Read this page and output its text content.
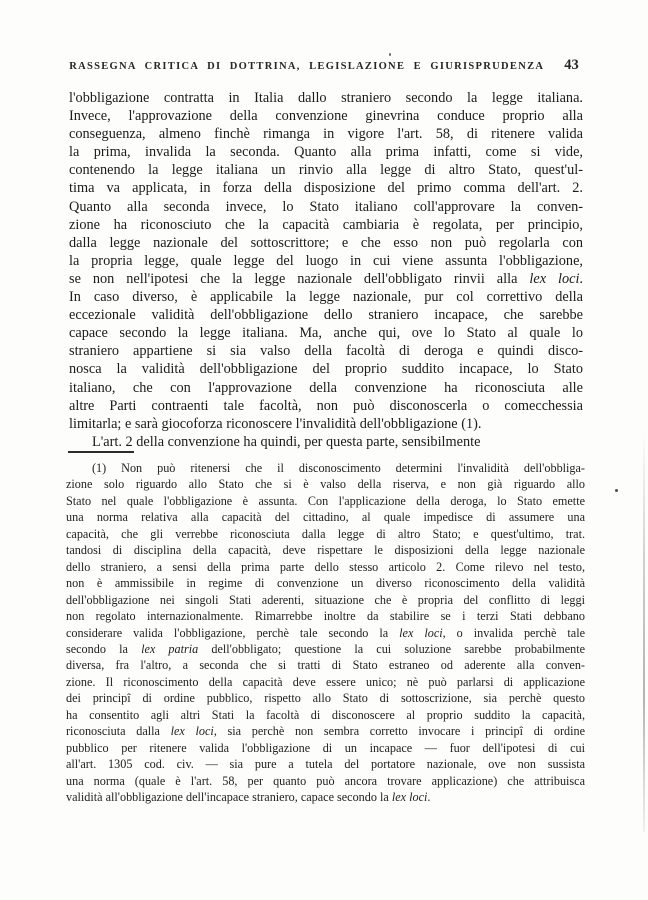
RASSEGNA CRITICA DI DOTTRINA, LEGISLAZIONE E GIURISPRUDENZA 43
l'obbligazione contratta in Italia dallo straniero secondo la legge italiana.
Invece, l'approvazione della convenzione ginevrina conduce proprio alla
conseguenza, almeno finchè rimanga in vigore l'art. 58, di ritenere valida
la prima, invalida la seconda. Quanto alla prima infatti, come si vide,
contenendo la legge italiana un rinvio alla legge di altro Stato, quest'ul-
tima va applicata, in forza della disposizione del primo comma dell'art. 2.
Quanto alla seconda invece, lo Stato italiano coll'approvare la conven-
zione ha riconosciuto che la capacità cambiaria è regolata, per principio,
dalla legge nazionale del sottoscrittore; e che esso non può regolarla con
la propria legge, quale legge del luogo in cui viene assunta l'obbligazione,
se non nell'ipotesi che la legge nazionale dell'obbligato rinvii alla lex loci.
In caso diverso, è applicabile la legge nazionale, pur col correttivo della
eccezionale validità dell'obbligazione dello straniero incapace, che sarebbe
capace secondo la legge italiana. Ma, anche qui, ove lo Stato al quale lo
straniero appartiene si sia valso della facoltà di deroga e quindi disco-
nosca la validità dell'obbligazione del proprio suddito incapace, lo Stato
italiano, che con l'approvazione della convenzione ha riconosciuta alle
altre Parti contraenti tale facoltà, non può disconoscerla o comecchessia
limitarla; e sarà giocoforza riconoscere l'invalidità dell'obbligazione (1).
L'art. 2 della convenzione ha quindi, per questa parte, sensibilmente
(1) Non può ritenersi che il disconoscimento determini l'invalidità dell'obbliga-
zione solo riguardo allo Stato che si è valso della riserva, e non già riguardo allo
Stato nel quale l'obbligazione è assunta. Con l'applicazione della deroga, lo Stato emette
una norma relativa alla capacità del cittadino, al quale impedisce di assumere una
capacità, che gli verrebbe riconosciuta dalla legge di altro Stato; e quest'ultimo, trat.
tandosi di disciplina della capacità, deve rispettare le disposizioni della legge nazionale
dello straniero, a sensi della prima parte dello stesso articolo 2. Come rilevo nel testo,
non è ammissibile in regime di convenzione un diverso riconoscimento della validità
dell'obbligazione nei singoli Stati aderenti, situazione che è propria del conflitto di leggi
non regolato internazionalmente. Rimarrebbe inoltre da stabilire se i terzi Stati debbano
considerare valida l'obbligazione, perchè tale secondo la lex loci, o invalida perchè tale
secondo la lex patria dell'obbligato; questione la cui soluzione sarebbe probabilmente
diversa, fra l'altro, a seconda che si tratti di Stato estraneo od aderente alla conven-
zione. Il riconoscimento della capacità deve essere unico; nè può parlarsi di applicazione
dei principî di ordine pubblico, rispetto allo Stato di sottoscrizione, sia perchè questo
ha consentito agli altri Stati la facoltà di disconoscere al proprio suddito la capacità,
riconosciuta dalla lex loci, sia perchè non sembra corretto invocare i principî di ordine
pubblico per ritenere valida l'obbligazione di un incapace — fuor dell'ipotesi di cui
all'art. 1305 cod. civ. — sia pure a tutela del portatore nazionale, ove non sussista
una norma (quale è l'art. 58, per quanto può ancora trovare applicazione) che attribuisca
validità all'obbligazione dell'incapace straniero, capace secondo la lex loci.
